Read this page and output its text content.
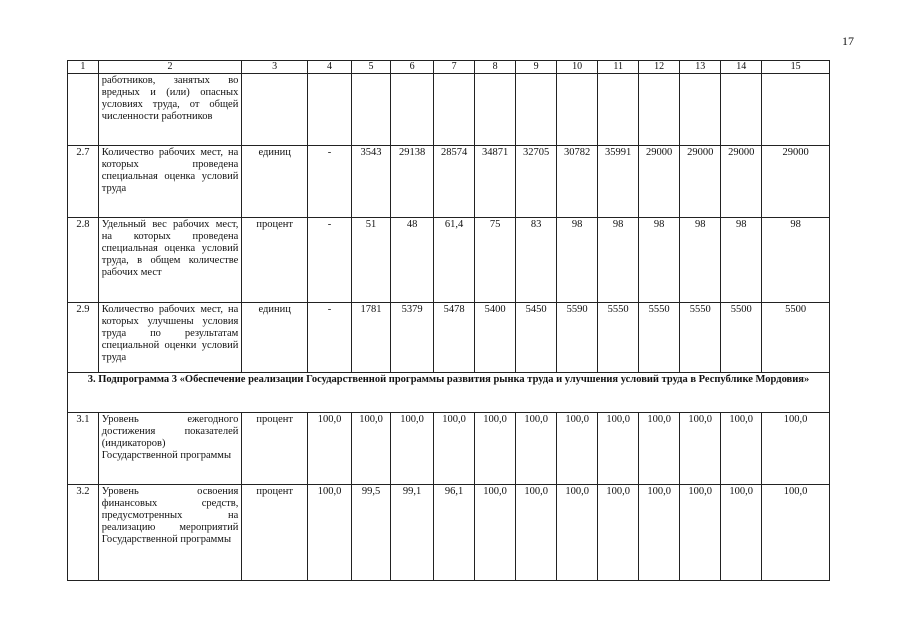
17
1	2	3	4	5	6	7	8	9	10	11	12	13	14	15
	работников, занятых во вредных и (или) опасных условиях труда, от общей численности работников													
2.7	Количество рабочих мест, на которых проведена специальная оценка условий труда	единиц	-	3543	29138	28574	34871	32705	30782	35991	29000	29000	29000	29000
2.8	Удельный вес рабочих мест, на которых проведена специальная оценка условий труда, в общем количестве рабочих мест	процент	-	51	48	61,4	75	83	98	98	98	98	98	98
2.9	Количество рабочих мест, на которых улучшены условия труда по результатам специальной оценки условий труда	единиц	-	1781	5379	5478	5400	5450	5590	5550	5550	5550	5500	5500
3. Подпрограмма 3 «Обеспечение реализации Государственной программы развития рынка труда и улучшения условий труда в Республике Мордовия»														
3.1	Уровень ежегодного достижения показателей (индикаторов) Государственной программы	процент	100,0	100,0	100,0	100,0	100,0	100,0	100,0	100,0	100,0	100,0	100,0	100,0
3.2	Уровень освоения финансовых средств, предусмотренных на реализацию мероприятий Государственной программы	процент	100,0	99,5	99,1	96,1	100,0	100,0	100,0	100,0	100,0	100,0	100,0	100,0
